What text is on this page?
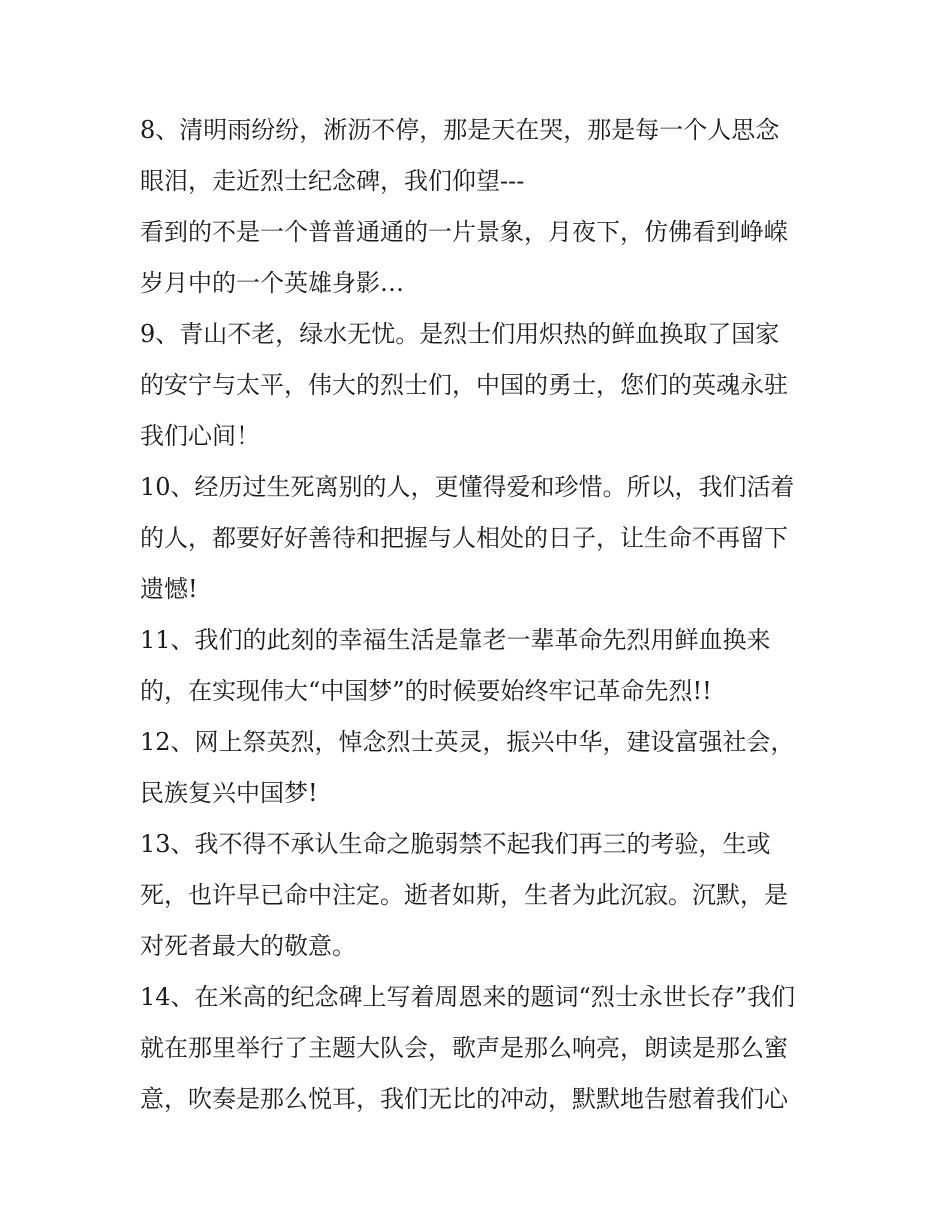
8、清明雨纷纷，淅沥不停，那是天在哭，那是每一个人思念
眼泪，走近烈士纪念碑，我们仰望---
看到的不是一个普普通通的一片景象，月夜下，仿佛看到峥嵘
岁月中的一个英雄身影…
9、青山不老，绿水无忧。是烈士们用炽热的鲜血换取了国家
的安宁与太平，伟大的烈士们，中国的勇士，您们的英魂永驻
我们心间！
10、经历过生死离别的人，更懂得爱和珍惜。所以，我们活着
的人，都要好好善待和把握与人相处的日子，让生命不再留下
遗憾!
11、我们的此刻的幸福生活是靠老一辈革命先烈用鲜血换来
的，在实现伟大“中国梦”的时候要始终牢记革命先烈!!
12、网上祭英烈，悼念烈士英灵，振兴中华，建设富强社会，
民族复兴中国梦!
13、我不得不承认生命之脆弱禁不起我们再三的考验，生或
死，也许早已命中注定。逝者如斯，生者为此沉寂。沉默，是
对死者最大的敬意。
14、在米高的纪念碑上写着周恩来的题词“烈士永世长存”我们
就在那里举行了主题大队会，歌声是那么响亮，朗读是那么蜜
意，吹奏是那么悦耳，我们无比的冲动，默默地告慰着我们心
